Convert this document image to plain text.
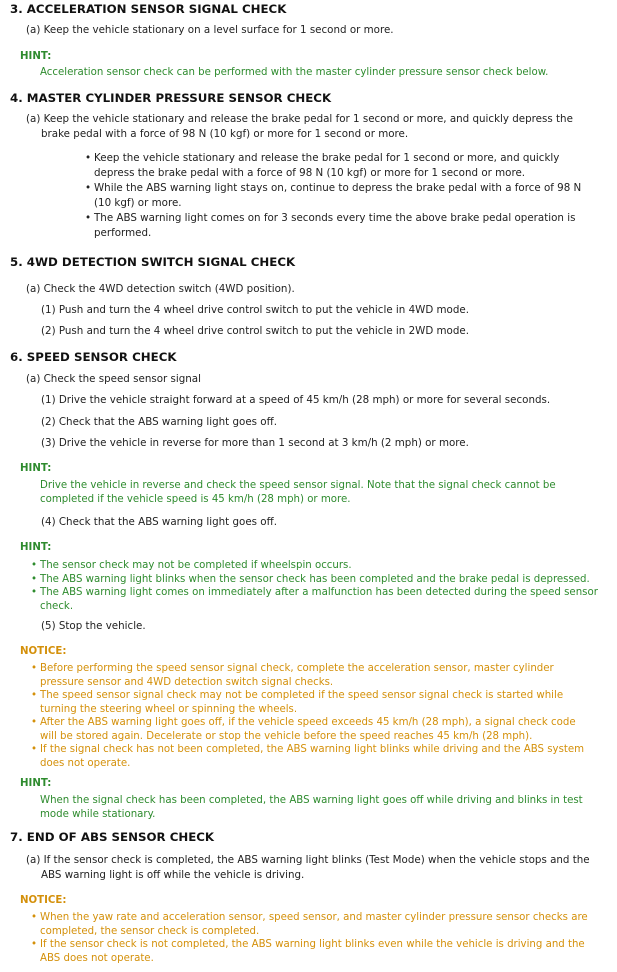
3. ACCELERATION SENSOR SIGNAL CHECK
(a) Keep the vehicle stationary on a level surface for 1 second or more.
HINT:
Acceleration sensor check can be performed with the master cylinder pressure sensor check below.
4. MASTER CYLINDER PRESSURE SENSOR CHECK
(a) Keep the vehicle stationary and release the brake pedal for 1 second or more, and quickly depress the
brake pedal with a force of 98 N (10 kgf) or more for 1 second or more.
• Keep the vehicle stationary and release the brake pedal for 1 second or more, and quickly depress the brake pedal with a force of 98 N (10 kgf) or more for 1 second or more.
• While the ABS warning light stays on, continue to depress the brake pedal with a force of 98 N (10 kgf) or more.
• The ABS warning light comes on for 3 seconds every time the above brake pedal operation is performed.
5. 4WD DETECTION SWITCH SIGNAL CHECK
(a) Check the 4WD detection switch (4WD position).
(1) Push and turn the 4 wheel drive control switch to put the vehicle in 4WD mode.
(2) Push and turn the 4 wheel drive control switch to put the vehicle in 2WD mode.
6. SPEED SENSOR CHECK
(a) Check the speed sensor signal
(1) Drive the vehicle straight forward at a speed of 45 km/h (28 mph) or more for several seconds.
(2) Check that the ABS warning light goes off.
(3) Drive the vehicle in reverse for more than 1 second at 3 km/h (2 mph) or more.
HINT:
Drive the vehicle in reverse and check the speed sensor signal. Note that the signal check cannot be completed if the vehicle speed is 45 km/h (28 mph) or more.
(4) Check that the ABS warning light goes off.
HINT:
• The sensor check may not be completed if wheelspin occurs.
• The ABS warning light blinks when the sensor check has been completed and the brake pedal is depressed.
• The ABS warning light comes on immediately after a malfunction has been detected during the speed sensor check.
(5) Stop the vehicle.
NOTICE:
• Before performing the speed sensor signal check, complete the acceleration sensor, master cylinder pressure sensor and 4WD detection switch signal checks.
• The speed sensor signal check may not be completed if the speed sensor signal check is started while turning the steering wheel or spinning the wheels.
• After the ABS warning light goes off, if the vehicle speed exceeds 45 km/h (28 mph), a signal check code will be stored again. Decelerate or stop the vehicle before the speed reaches 45 km/h (28 mph).
• If the signal check has not been completed, the ABS warning light blinks while driving and the ABS system does not operate.
HINT:
When the signal check has been completed, the ABS warning light goes off while driving and blinks in test mode while stationary.
7. END OF ABS SENSOR CHECK
(a) If the sensor check is completed, the ABS warning light blinks (Test Mode) when the vehicle stops and the
ABS warning light is off while the vehicle is driving.
NOTICE:
• When the yaw rate and acceleration sensor, speed sensor, and master cylinder pressure sensor checks are completed, the sensor check is completed.
• If the sensor check is not completed, the ABS warning light blinks even while the vehicle is driving and the ABS does not operate.
